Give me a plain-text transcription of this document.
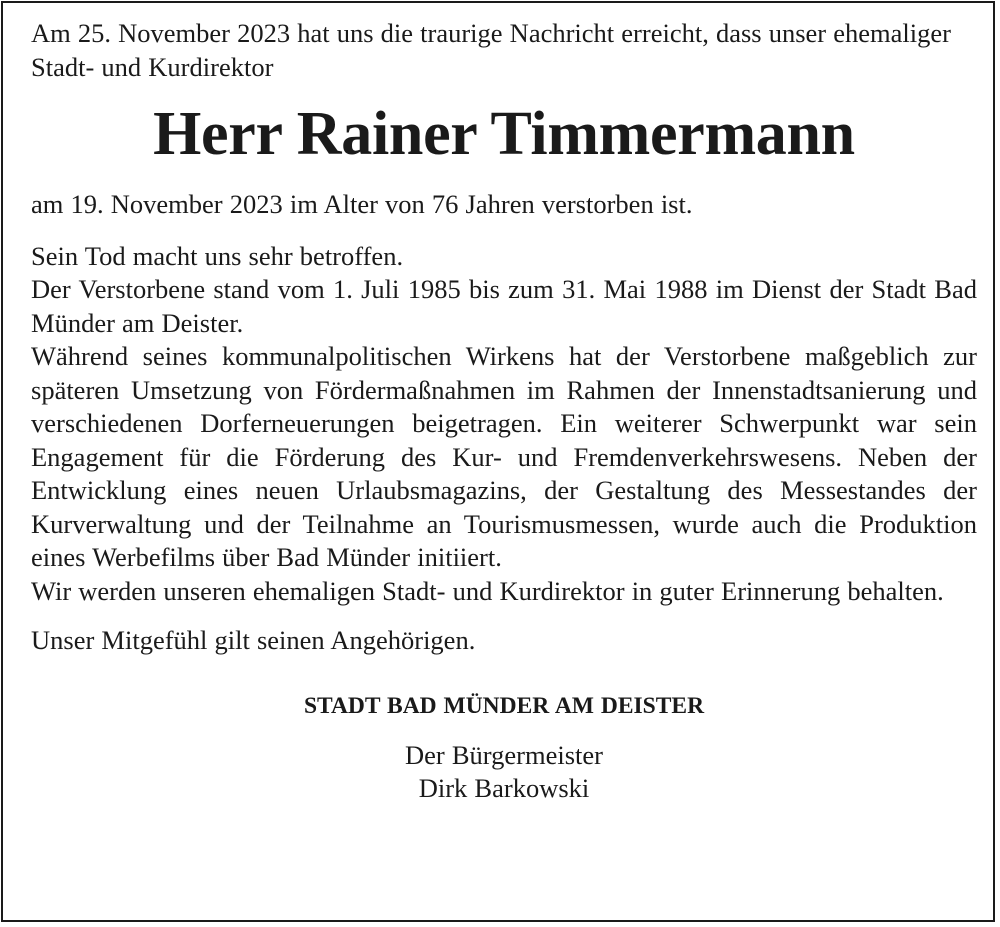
Am 25. November 2023 hat uns die traurige Nachricht erreicht, dass unser ehemaliger Stadt- und Kurdirektor

Herr Rainer Timmermann

am 19. November 2023 im Alter von 76 Jahren verstorben ist.

Sein Tod macht uns sehr betroffen.

Der Verstorbene stand vom 1. Juli 1985 bis zum 31. Mai 1988 im Dienst der Stadt Bad Münder am Deister.

Während seines kommunalpolitischen Wirkens hat der Verstorbene maßgeblich zur späteren Umsetzung von Fördermaßnahmen im Rahmen der Innenstadtsanierung und verschiedenen Dorferneuerungen beigetragen. Ein weiterer Schwerpunkt war sein Engagement für die Förderung des Kur- und Fremdenverkehrswesens. Neben der Entwicklung eines neuen Urlaubsmagazins, der Gestaltung des Messestandes der Kurverwaltung und der Teilnahme an Tourismusmessen, wurde auch die Produktion eines Werbefilms über Bad Münder initiiert.

Wir werden unseren ehemaligen Stadt- und Kurdirektor in guter Erinnerung behalten.

Unser Mitgefühl gilt seinen Angehörigen.

STADT BAD MÜNDER AM DEISTER

Der Bürgermeister

Dirk Barkowski
